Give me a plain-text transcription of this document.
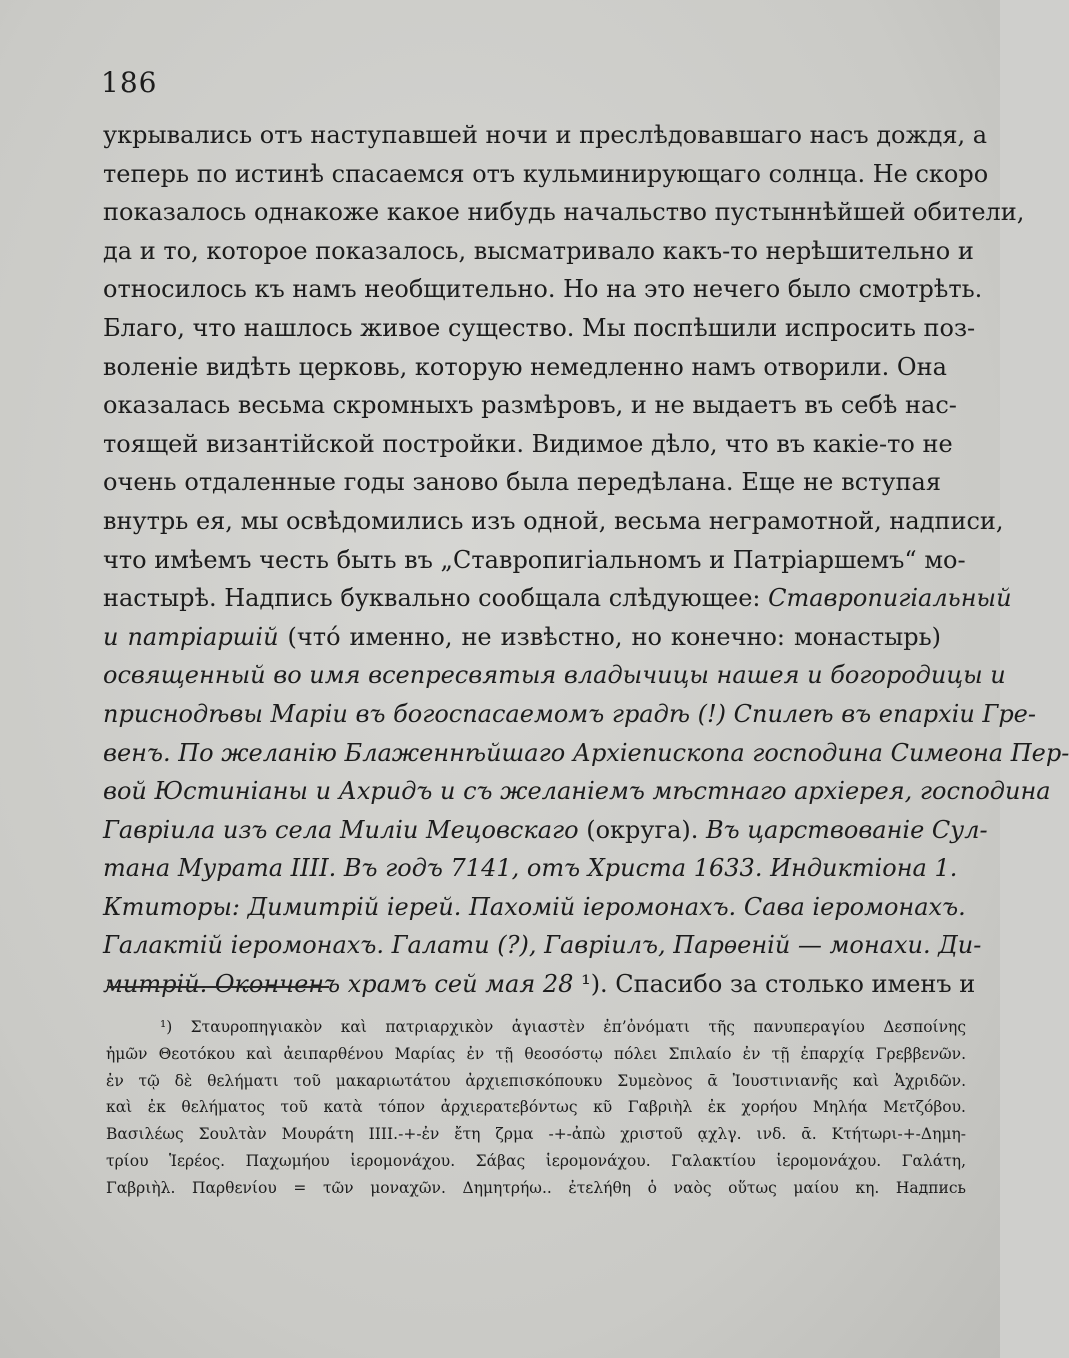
186
укрывались отъ наступавшей ночи и преслѣдовавшаго насъ дождя, а
теперь по истинѣ спасаемся отъ кульминирующаго солнца. Не скоро
показалось однакоже какое нибудь начальство пустыннѣйшей обители,
да и то, которое показалось, высматривало какъ-то нерѣшительно и
относилось къ намъ необщительно. Но на это нечего было смотрѣть.
Благо, что нашлось живое существо. Мы поспѣшили испросить поз-
воленіе видѣть церковь, которую немедленно намъ отворили. Она
оказалась весьма скромныхъ размѣровъ, и не выдаетъ въ себѣ нас-
тоящей византійской постройки. Видимое дѣло, что въ какіе-то не
очень отдаленные годы заново была передѣлана. Еще не вступая
внутрь ея, мы освѣдомились изъ одной, весьма неграмотной, надписи,
что имѣемъ честь быть въ „Ставропигіальномъ и Патріаршемъ“ мо-
настырѣ. Надпись буквально сообщала слѣдующее: Ставропигіальный
и патріаршій (что́ именно, не извѣстно, но конечно: монастырь)
освященный во имя всепресвятыя владычицы нашея и богородицы и
приснодѣвы Маріи въ богоспасаемомъ градѣ (!) Спилеѣ въ епархіи Гре-
венъ. По желанію Блаженнѣйшаго Архіепископа господина Симеона Пер-
вой Юстиніаны и Ахридъ и съ желаніемъ мѣстнаго архіерея, господина
Гавріила изъ села Миліи Мецовскаго (округа). Въ царствованіе Сул-
тана Мурата IIII. Въ годъ 7141, отъ Христа 1633. Индиктіона 1.
Ктиторы: Димитрій іерей. Пахомій іеромонахъ. Сава іеромонахъ.
Галактій іеромонахъ. Галати (?), Гавріилъ, Парѳеній — монахи. Ди-
митрій. Оконченъ храмъ сей мая 28 ¹). Спасибо за столько именъ и
¹) Σταυροπηγιακὸν καὶ πατριαρχικὸν ἁγιαστὲν ἐπ’ὀνόματι τῆς πανυπεραγίου Δεσποίνης
ἡμῶν Θεοτόκου καὶ ἀειπαρθένου Μαρίας ἐν τῇ θεοσόστῳ πόλει Σπιλαίο ἐν τῇ ἐπαρχίᾳ Γρεββενῶν.
ἐν τῷ δὲ θελήματι τοῦ μακαριωτάτου ἀρχιεπισκόπουκυ Συμεὸνος ᾱ Ἰουστινιανῆς καὶ Ἀχριδῶν.
καὶ ἐκ θελήματος τοῦ κατὰ τόπον ἀρχιερατεβόντως κῦ Γαβριὴλ ἐκ χορήου Μηλήα Μετζόβου.
Βασιλέως Σουλτὰν Μουράτη IIII.-+-ἐν ἔτη ζρμα -+-ἀπὼ χριστοῦ ᾳχλγ. ινδ. ᾱ. Κτήτωρι-+-Δημη-
τρίου Ἱερέος. Παχωμήου ἱερομονάχου. Σάβας ἱερομονάχου. Γαλακτίου ἱερομονάχου. Γαλάτη,
Γαβριὴλ. Παρθενίου = τῶν μοναχῶν. Δημητρήω.. ἐτελήθη ὁ ναὸς οὕτως μαίου κη. Надпись
